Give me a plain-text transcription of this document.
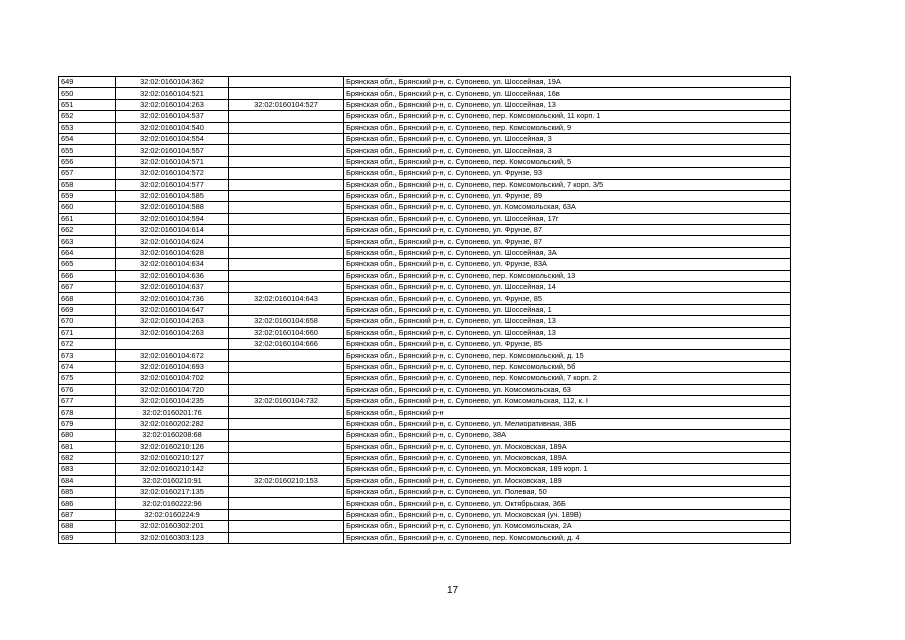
649	32:02:0160104:362		Брянская обл., Брянский р-н, с. Супонево, ул. Шоссейная, 19А
650	32:02:0160104:521		Брянская обл., Брянский р-н, с. Супонево, ул. Шоссейная, 16в
651	32:02:0160104:263	32:02:0160104:527	Брянская обл., Брянский р-н, с. Супонево, ул. Шоссейная, 13
652	32:02:0160104:537		Брянская обл., Брянский р-н, с. Супонево, пер. Комсомольский, 11 корп. 1
653	32:02:0160104:540		Брянская обл., Брянский р-н, с. Супонево, пер. Комсомольский, 9
654	32:02:0160104:554		Брянская обл., Брянский р-н, с. Супонево, ул. Шоссейная, 3
655	32:02:0160104:557		Брянская обл., Брянский р-н, с. Супонево, ул. Шоссейная, 3
656	32:02:0160104:571		Брянская обл., Брянский р-н, с. Супонево, пер. Комсомольский, 5
657	32:02:0160104:572		Брянская обл., Брянский р-н, с. Супонево, ул. Фрунзе, 93
658	32:02:0160104:577		Брянская обл., Брянский р-н, с. Супонево, пер. Комсомольский, 7 корп. 3/5
659	32:02:0160104:585		Брянская обл., Брянский р-н, с. Супонево, ул. Фрунзе, 89
660	32:02:0160104:588		Брянская обл., Брянский р-н, с. Супонево, ул. Комсомольская, 63А
661	32:02:0160104:594		Брянская обл., Брянский р-н, с. Супонево, ул. Шоссейная, 17г
662	32:02:0160104:614		Брянская обл., Брянский р-н, с. Супонево, ул. Фрунзе, 87
663	32:02:0160104:624		Брянская обл., Брянский р-н, с. Супонево, ул. Фрунзе, 87
664	32:02:0160104:628		Брянская обл., Брянский р-н, с. Супонево, ул. Шоссейная, 3А
665	32:02:0160104:634		Брянская обл., Брянский р-н, с. Супонево, ул. Фрунзе, 83А
666	32:02:0160104:636		Брянская обл., Брянский р-н, с. Супонево, пер. Комсомольский, 13
667	32:02:0160104:637		Брянская обл., Брянский р-н, с. Супонево, ул. Шоссейная, 14
668	32:02:0160104:736	32:02:0160104:643	Брянская обл., Брянский р-н, с. Супонево, ул. Фрунзе, 85
669	32:02:0160104:647		Брянская обл., Брянский р-н, с. Супонево, ул. Шоссейная, 1
670	32:02:0160104:263	32:02:0160104:658	Брянская обл., Брянский р-н, с. Супонево, ул. Шоссейная, 13
671	32:02:0160104:263	32:02:0160104:660	Брянская обл., Брянский р-н, с. Супонево, ул. Шоссейная, 13
672		32:02:0160104:666	Брянская обл., Брянский р-н, с. Супонево, ул. Фрунзе, 85
673	32:02:0160104:672		Брянская обл., Брянский р-н, с. Супонево, пер. Комсомольский, д. 15
674	32:02:0160104:693		Брянская обл., Брянский р-н, с. Супонево, пер. Комсомольский, 5б
675	32:02:0160104:702		Брянская обл., Брянский р-н, с. Супонево, пер. Комсомольский, 7 корп. 2
676	32:02:0160104:720		Брянская обл., Брянский р-н, с. Супонево, ул. Комсомольская, 63
677	32:02:0160104:235	32:02:0160104:732	Брянская обл., Брянский р-н, с. Супонево, ул. Комсомольская, 112, к. I
678	32:02:0160201:76		Брянская обл., Брянский р-н
679	32:02:0160202:282		Брянская обл., Брянский р-н, с. Супонево, ул. Мелиоративная, 38Б
680	32:02:0160208:68		Брянская обл., Брянский р-н, с. Супонево, 38А
681	32:02:0160210:126		Брянская обл., Брянский р-н, с. Супонево, ул. Московская, 189А
682	32:02:0160210:127		Брянская обл., Брянский р-н, с. Супонево, ул. Московская, 189А
683	32:02:0160210:142		Брянская обл., Брянский р-н, с. Супонево, ул. Московская, 189 корп. 1
684	32:02:0160210:91	32:02:0160210:153	Брянская обл., Брянский р-н, с. Супонево, ул. Московская, 189
685	32:02:0160217:135		Брянская обл., Брянский р-н, с. Супонево, ул. Полевая, 50
686	32:02:0160222:96		Брянская обл., Брянский р-н, с. Супонево, ул. Октябрьская, 36Б
687	32:02:0160224:9		Брянская обл., Брянский р-н, с. Супонево, ул. Московская (уч. 189В)
688	32:02:0160302:201		Брянская обл., Брянский р-н, с. Супонево, ул. Комсомольская, 2А
689	32:02:0160303:123		Брянская обл., Брянский р-н, с. Супонево, пер. Комсомольский, д. 4
17
